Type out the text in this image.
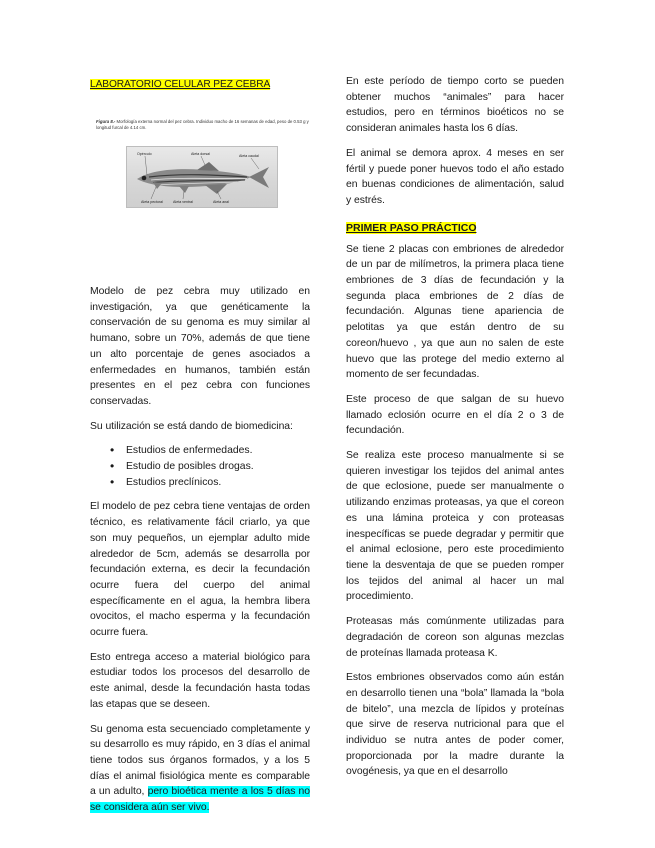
LABORATORIO CELULAR PEZ CEBRA
Figura 8.- Morfología externa normal del pez cebra. Individuo macho de 16 semanas de edad, peso de 0.53 g y longitud furcal de 4.14 cm.
Opérculo	Aleta dorsal	Aleta caudal
Aleta pectoral	Aleta ventral	Aleta anal

Modelo de pez cebra muy utilizado en investigación, ya que genéticamente la conservación de su genoma es muy similar al humano, sobre un 70%, además de que tiene un alto porcentaje de genes asociados a enfermedades en humanos, también están presentes en el pez cebra con funciones conservadas.

Su utilización se está dando de biomedicina:

• Estudios de enfermedades.
• Estudio de posibles drogas.
• Estudios preclínicos.

El modelo de pez cebra tiene ventajas de orden técnico, es relativamente fácil criarlo, ya que son muy pequeños, un ejemplar adulto mide alrededor de 5cm, además se desarrolla por fecundación externa, es decir la fecundación ocurre fuera del cuerpo del animal específicamente en el agua, la hembra libera ovocitos, el macho esperma y la fecundación ocurre fuera.

Esto entrega acceso a material biológico para estudiar todos los procesos del desarrollo de este animal, desde la fecundación hasta todas las etapas que se deseen.

Su genoma esta secuenciado completamente y su desarrollo es muy rápido, en 3 días el animal tiene todos sus órganos formados, y a los 5 días el animal fisiológica mente es comparable a un adulto, pero bioética mente a los 5 días no se considera aún ser vivo.

En este período de tiempo corto se pueden obtener muchos “animales” para hacer estudios, pero en términos bioéticos no se consideran animales hasta los 6 días.

El animal se demora aprox. 4 meses en ser fértil y puede poner huevos todo el año estado en buenas condiciones de alimentación, salud y estrés.

PRIMER PASO PRÁCTICO

Se tiene 2 placas con embriones de alrededor de un par de milímetros, la primera placa tiene embriones de 3 días de fecundación y la segunda placa embriones de 2 días de fecundación. Algunas tiene apariencia de pelotitas ya que están dentro de su coreon/huevo , ya que aun no salen de este huevo que las protege del medio externo al momento de ser fecundadas.

Este proceso de que salgan de su huevo llamado eclosión ocurre en el día 2 o 3 de fecundación.

Se realiza este proceso manualmente si se quieren investigar los tejidos del animal antes de que eclosione, puede ser manualmente o utilizando enzimas proteasas, ya que el coreon es una lámina proteica y con proteasas inespecíficas se puede degradar y permitir que el animal eclosione, pero este procedimiento tiene la desventaja de que se pueden romper los tejidos del animal al hacer un mal procedimiento.

Proteasas más comúnmente utilizadas para degradación de coreon son algunas mezclas de proteínas llamada proteasa K.

Estos embriones observados como aún están en desarrollo tienen una “bola” llamada la “bola de bitelo”, una mezcla de lípidos y proteínas que sirve de reserva nutricional para que el individuo se nutra antes de poder comer, proporcionada por la madre durante la ovogénesis, ya que en el desarrollo
